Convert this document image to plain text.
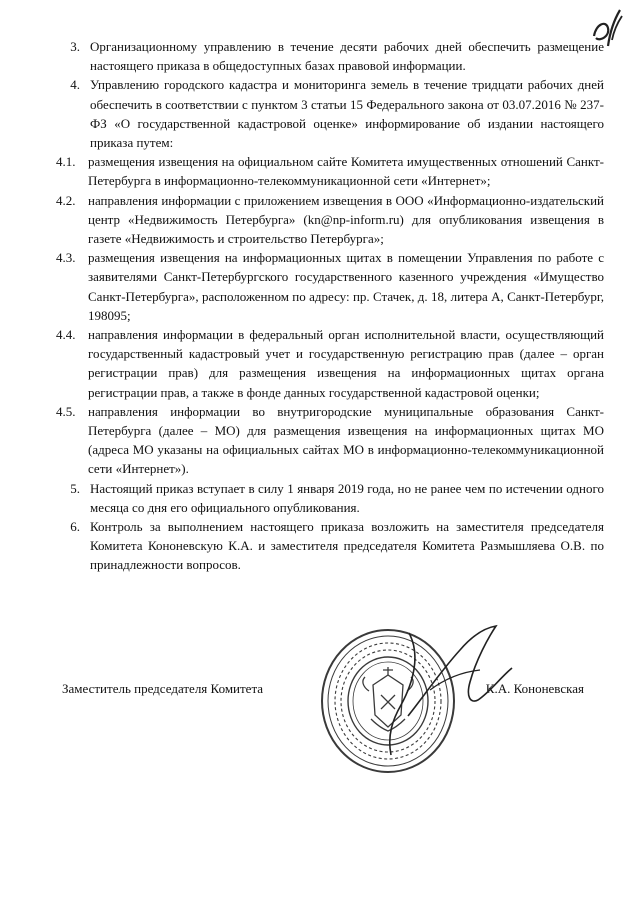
3. Организационному управлению в течение десяти рабочих дней обеспечить размещение настоящего приказа в общедоступных базах правовой информации.
4. Управлению городского кадастра и мониторинга земель в течение тридцати рабочих дней обеспечить в соответствии с пунктом 3 статьи 15 Федерального закона от 03.07.2016 № 237-ФЗ «О государственной кадастровой оценке» информирование об издании настоящего приказа путем:
4.1. размещения извещения на официальном сайте Комитета имущественных отношений Санкт-Петербурга в информационно-телекоммуникационной сети «Интернет»;
4.2. направления информации с приложением извещения в ООО «Информационно-издательский центр «Недвижимость Петербурга» (kn@np-inform.ru) для опубликования извещения в газете «Недвижимость и строительство Петербурга»;
4.3. размещения извещения на информационных щитах в помещении Управления по работе с заявителями Санкт-Петербургского государственного казенного учреждения «Имущество Санкт-Петербурга», расположенном по адресу: пр. Стачек, д. 18, литера А, Санкт-Петербург, 198095;
4.4. направления информации в федеральный орган исполнительной власти, осуществляющий государственный кадастровый учет и государственную регистрацию прав (далее – орган регистрации прав) для размещения извещения на информационных щитах органа регистрации прав, а также в фонде данных государственной кадастровой оценки;
4.5. направления информации во внутригородские муниципальные образования Санкт-Петербурга (далее – МО) для размещения извещения на информационных щитах МО (адреса МО указаны на официальных сайтах МО в информационно-телекоммуникационной сети «Интернет»).
5. Настоящий приказ вступает в силу 1 января 2019 года, но не ранее чем по истечении одного месяца со дня его официального опубликования.
6. Контроль за выполнением настоящего приказа возложить на заместителя председателя Комитета Кононевскую К.А. и заместителя председателя Комитета Размышляева О.В. по принадлежности вопросов.
Заместитель председателя Комитета	К.А. Кононевская
